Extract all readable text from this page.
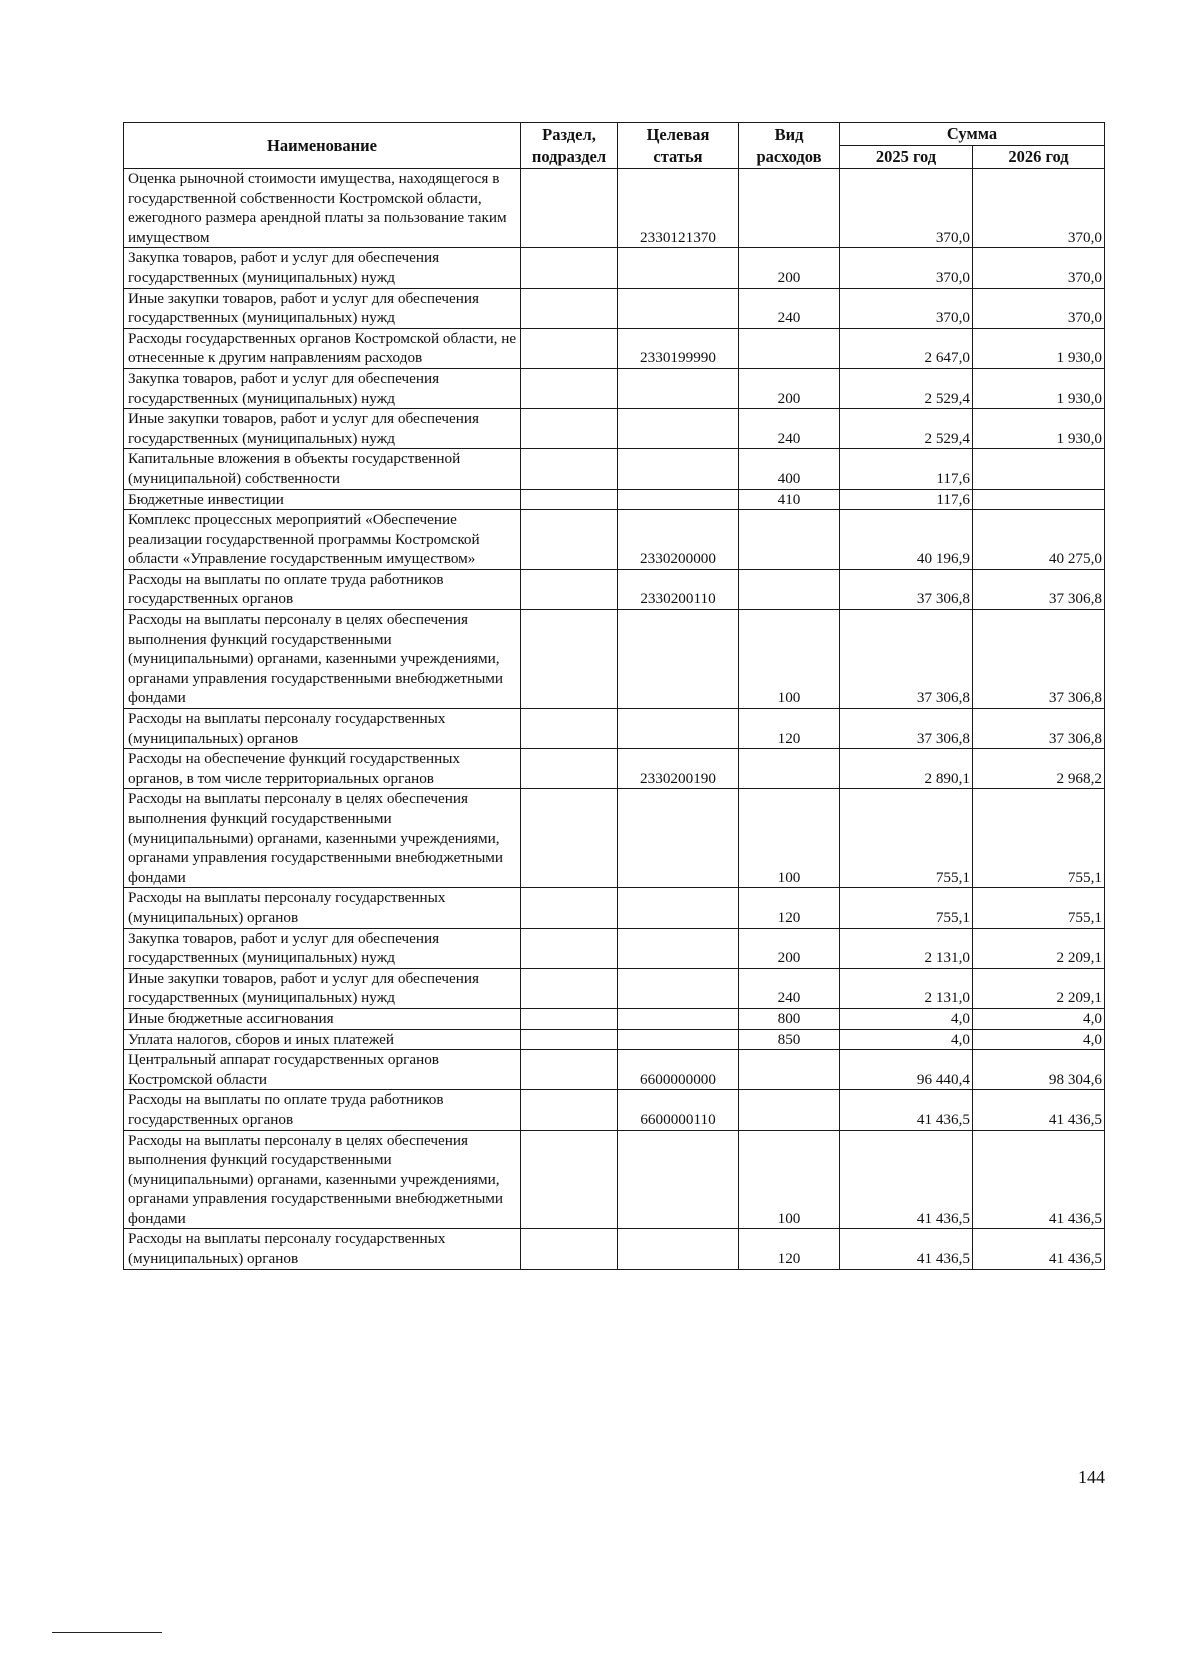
Наименование	Раздел, подраздел	Целевая статья	Вид расходов	Сумма	
				2025 год	2026 год
Оценка рыночной стоимости имущества, находящегося в государственной собственности Костромской области, ежегодного размера арендной платы за пользование таким имуществом		2330121370		370,0	370,0
Закупка товаров, работ и услуг для обеспечения государственных (муниципальных) нужд			200	370,0	370,0
Иные закупки товаров, работ и услуг для обеспечения государственных (муниципальных) нужд			240	370,0	370,0
Расходы государственных органов Костромской области, не отнесенные к другим направлениям расходов		2330199990		2 647,0	1 930,0
Закупка товаров, работ и услуг для обеспечения государственных (муниципальных) нужд			200	2 529,4	1 930,0
Иные закупки товаров, работ и услуг для обеспечения государственных (муниципальных) нужд			240	2 529,4	1 930,0
Капитальные вложения в объекты государственной (муниципальной) собственности			400	117,6	
Бюджетные инвестиции			410	117,6	
Комплекс процессных мероприятий «Обеспечение реализации государственной программы Костромской области «Управление государственным имуществом»		2330200000		40 196,9	40 275,0
Расходы на выплаты по оплате труда работников государственных органов		2330200110		37 306,8	37 306,8
Расходы на выплаты персоналу в целях обеспечения выполнения функций государственными (муниципальными) органами, казенными учреждениями, органами управления государственными внебюджетными фондами			100	37 306,8	37 306,8
Расходы на выплаты персоналу государственных (муниципальных) органов			120	37 306,8	37 306,8
Расходы на обеспечение функций государственных органов, в том числе территориальных органов		2330200190		2 890,1	2 968,2
Расходы на выплаты персоналу в целях обеспечения выполнения функций государственными (муниципальными) органами, казенными учреждениями, органами управления государственными внебюджетными фондами			100	755,1	755,1
Расходы на выплаты персоналу государственных (муниципальных) органов			120	755,1	755,1
Закупка товаров, работ и услуг для обеспечения государственных (муниципальных) нужд			200	2 131,0	2 209,1
Иные закупки товаров, работ и услуг для обеспечения государственных (муниципальных) нужд			240	2 131,0	2 209,1
Иные бюджетные ассигнования			800	4,0	4,0
Уплата налогов, сборов и иных платежей			850	4,0	4,0
Центральный аппарат государственных органов Костромской области		6600000000		96 440,4	98 304,6
Расходы на выплаты по оплате труда работников государственных органов		6600000110		41 436,5	41 436,5
Расходы на выплаты персоналу в целях обеспечения выполнения функций государственными (муниципальными) органами, казенными учреждениями, органами управления государственными внебюджетными фондами			100	41 436,5	41 436,5
Расходы на выплаты персоналу государственных (муниципальных) органов			120	41 436,5	41 436,5
144
